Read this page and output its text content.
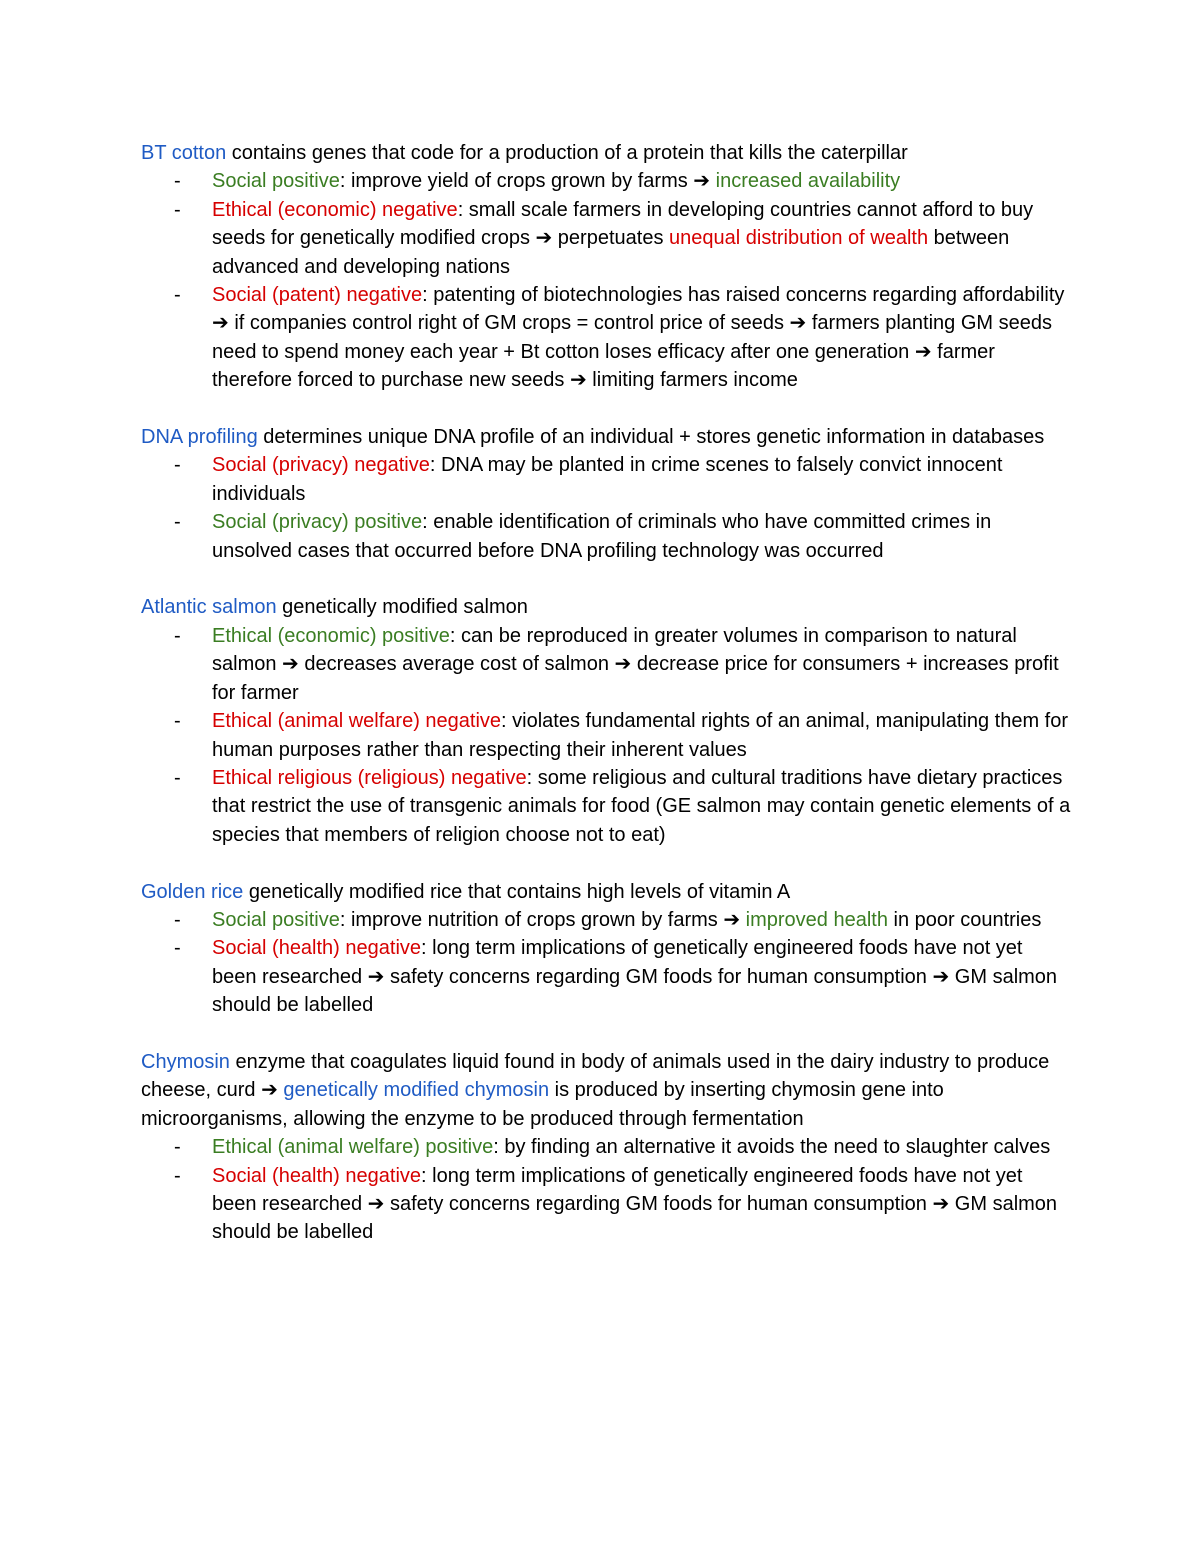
BT cotton contains genes that code for a production of a protein that kills the caterpillar

- Social positive: improve yield of crops grown by farms ➔ increased availability
- Ethical (economic) negative: small scale farmers in developing countries cannot afford to buy seeds for genetically modified crops ➔ perpetuates unequal distribution of wealth between advanced and developing nations
- Social (patent) negative: patenting of biotechnologies has raised concerns regarding affordability ➔ if companies control right of GM crops = control price of seeds ➔ farmers planting GM seeds need to spend money each year + Bt cotton loses efficacy after one generation ➔ farmer therefore forced to purchase new seeds ➔ limiting farmers income

DNA profiling determines unique DNA profile of an individual + stores genetic information in databases

- Social (privacy) negative: DNA may be planted in crime scenes to falsely convict innocent individuals
- Social (privacy) positive: enable identification of criminals who have committed crimes in unsolved cases that occurred before DNA profiling technology was occurred

Atlantic salmon genetically modified salmon

- Ethical (economic) positive: can be reproduced in greater volumes in comparison to natural salmon ➔ decreases average cost of salmon ➔ decrease price for consumers + increases profit for farmer
- Ethical (animal welfare) negative: violates fundamental rights of an animal, manipulating them for human purposes rather than respecting their inherent values
- Ethical religious (religious) negative: some religious and cultural traditions have dietary practices that restrict the use of transgenic animals for food (GE salmon may contain genetic elements of a species that members of religion choose not to eat)

Golden rice genetically modified rice that contains high levels of vitamin A

- Social positive: improve nutrition of crops grown by farms ➔ improved health in poor countries
- Social (health) negative: long term implications of genetically engineered foods have not yet been researched ➔ safety concerns regarding GM foods for human consumption ➔ GM salmon should be labelled

Chymosin enzyme that coagulates liquid found in body of animals used in the dairy industry to produce cheese, curd ➔ genetically modified chymosin is produced by inserting chymosin gene into microorganisms, allowing the enzyme to be produced through fermentation

- Ethical (animal welfare) positive: by finding an alternative it avoids the need to slaughter calves
- Social (health) negative: long term implications of genetically engineered foods have not yet been researched ➔ safety concerns regarding GM foods for human consumption ➔ GM salmon should be labelled
